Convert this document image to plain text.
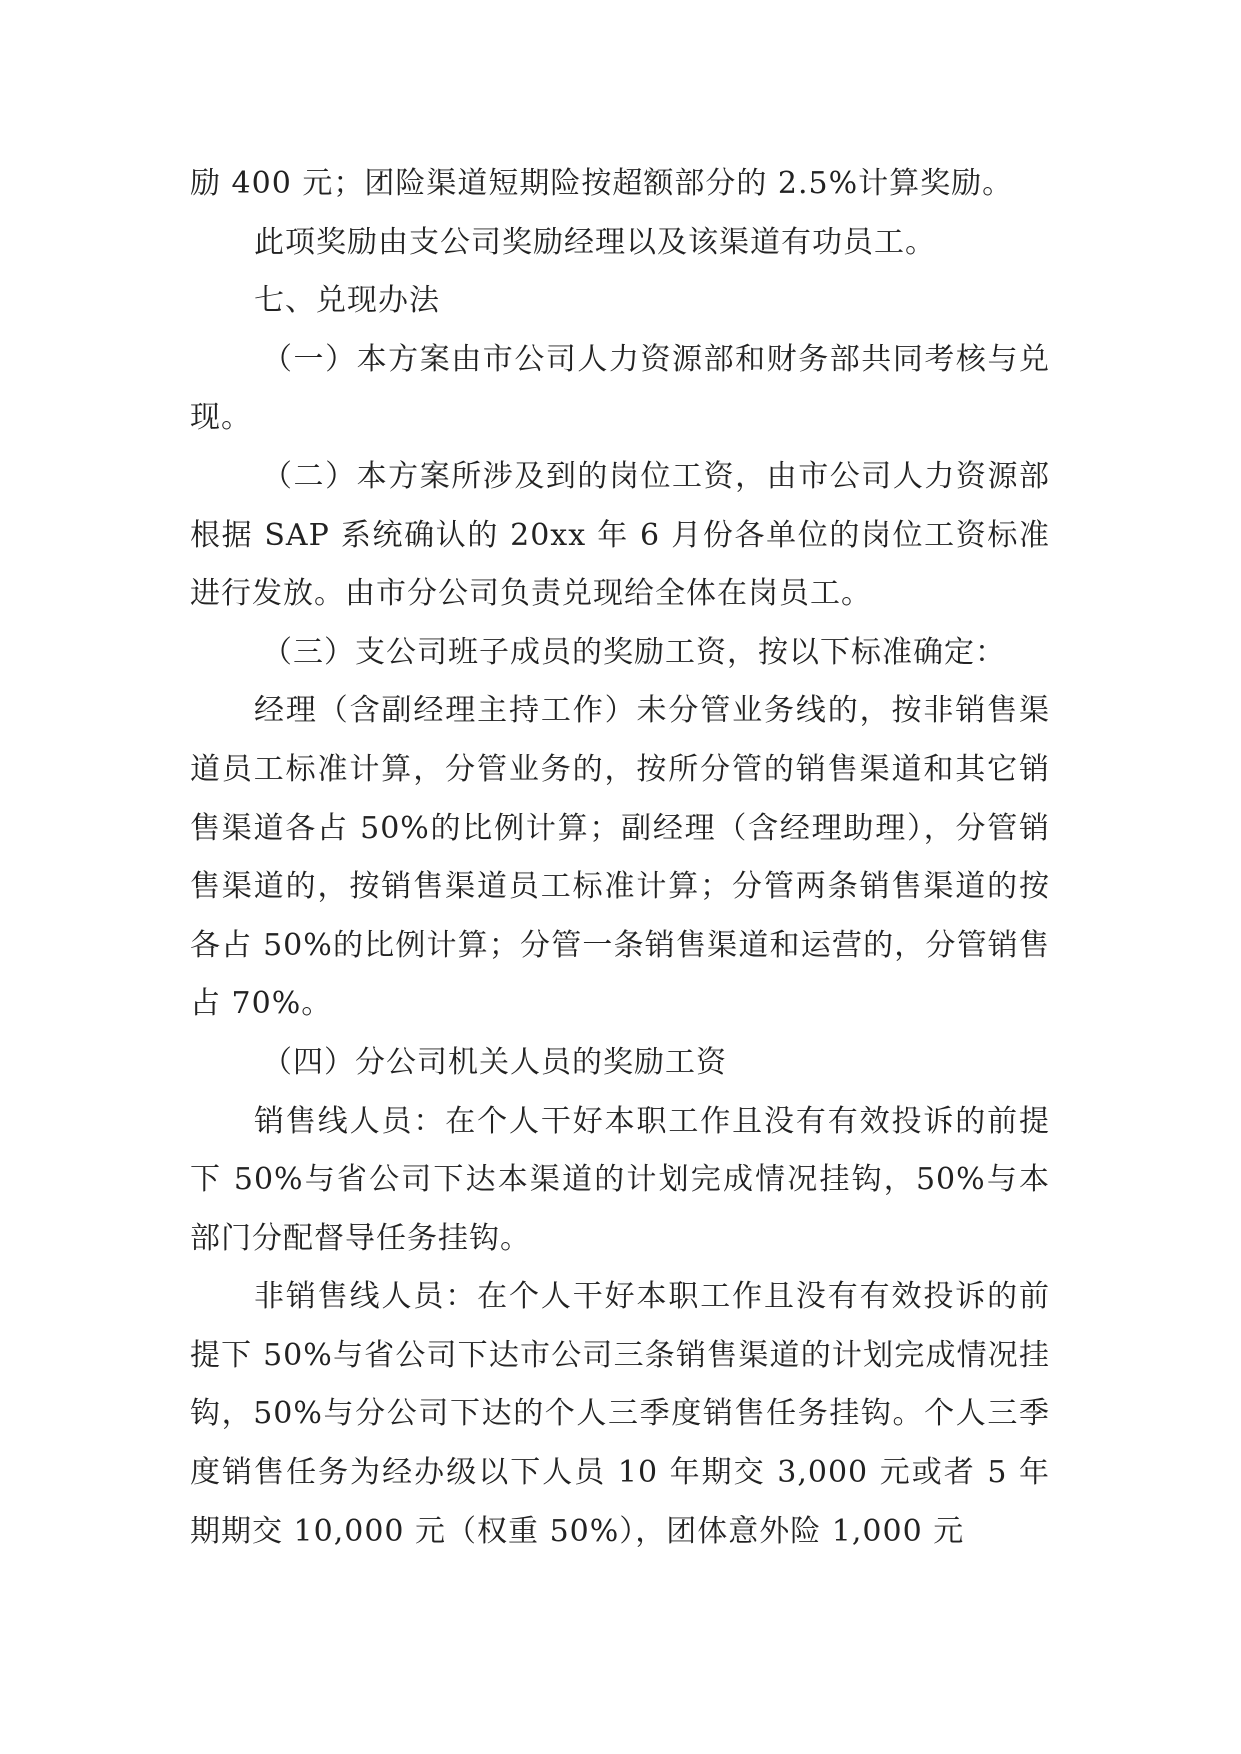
励 400 元；团险渠道短期险按超额部分的 2.5%计算奖励。

此项奖励由支公司奖励经理以及该渠道有功员工。

七、兑现办法

（一）本方案由市公司人力资源部和财务部共同考核与兑现。

（二）本方案所涉及到的岗位工资，由市公司人力资源部根据 SAP 系统确认的 20xx 年 6 月份各单位的岗位工资标准进行发放。由市分公司负责兑现给全体在岗员工。

（三）支公司班子成员的奖励工资，按以下标准确定：

经理（含副经理主持工作）未分管业务线的，按非销售渠道员工标准计算，分管业务的，按所分管的销售渠道和其它销售渠道各占 50%的比例计算；副经理（含经理助理），分管销售渠道的，按销售渠道员工标准计算；分管两条销售渠道的按各占 50%的比例计算；分管一条销售渠道和运营的，分管销售占 70%。

（四）分公司机关人员的奖励工资

销售线人员：在个人干好本职工作且没有有效投诉的前提下 50%与省公司下达本渠道的计划完成情况挂钩，50%与本部门分配督导任务挂钩。

非销售线人员：在个人干好本职工作且没有有效投诉的前提下 50%与省公司下达市公司三条销售渠道的计划完成情况挂钩，50%与分公司下达的个人三季度销售任务挂钩。个人三季度销售任务为经办级以下人员 10 年期交 3,000 元或者 5 年期期交 10,000 元（权重 50%），团体意外险 1,000 元
